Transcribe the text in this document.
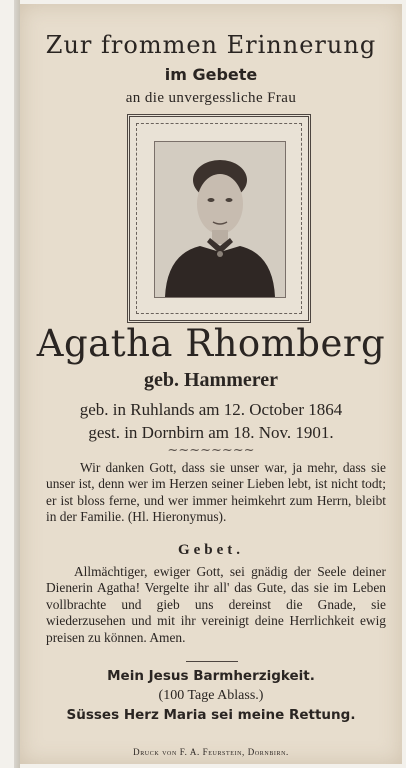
Zur frommen Erinnerung
im Gebete
an die unvergessliche Frau
Agatha Rhomberg
geb. Hammerer
geb. in Ruhlands am 12. October 1864
gest. in Dornbirn am 18. Nov. 1901.
~~~~~~~~
Wir danken Gott, dass sie unser war, ja mehr, dass sie unser ist, denn wer im Herzen seiner Lieben lebt, ist nicht todt; er ist bloss ferne, und wer immer heimkehrt zum Herrn, bleibt in der Familie. (Hl. Hieronymus).
Gebet.
Allmächtiger, ewiger Gott, sei gnädig der Seele deiner Dienerin Agatha! Vergelte ihr all' das Gute, das sie im Leben vollbrachte und gieb uns dereinst die Gnade, sie wiederzusehen und mit ihr vereinigt deine Herrlichkeit ewig preisen zu können. Amen.
Mein Jesus Barmherzigkeit.
(100 Tage Ablass.)
Süsses Herz Maria sei meine Rettung.
Druck von F. A. Feurstein, Dornbirn.
